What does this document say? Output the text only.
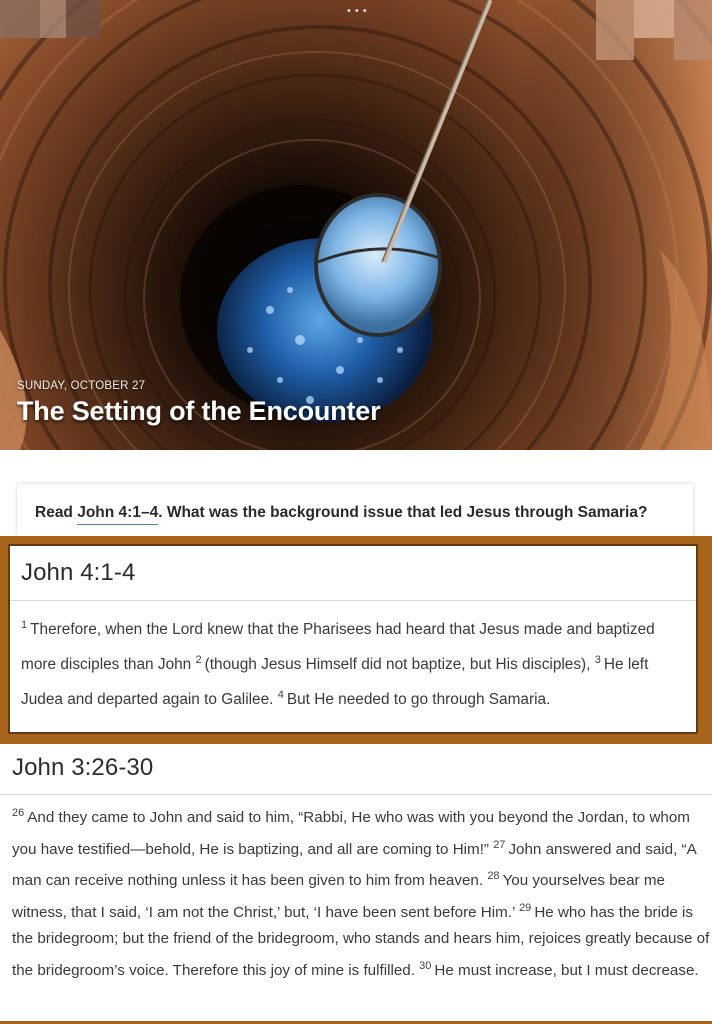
•••
SUNDAY, OCTOBER 27
The Setting of the Encounter
Read John 4:1–4. What was the background issue that led Jesus through Samaria?
John 4:1-4

$^1$ Therefore, when the Lord knew that the Pharisees had heard that Jesus made and baptized more disciples than John $^2$ (though Jesus Himself did not baptize, but His disciples), $^3$ He left Judea and departed again to Galilee. $^4$ But He needed to go through Samaria.

John 3:26-30

$^{26}$ And they came to John and said to him, “Rabbi, He who was with you beyond the Jordan, to whom you have testified—behold, He is baptizing, and all are coming to Him!” $^{27}$ John answered and said, “A man can receive nothing unless it has been given to him from heaven. $^{28}$ You yourselves bear me witness, that I said, ‘I am not the Christ,’ but, ‘I have been sent before Him.’ $^{29}$ He who has the bride is the bridegroom; but the friend of the bridegroom, who stands and hears him, rejoices greatly because of the bridegroom’s voice. Therefore this joy of mine is fulfilled. $^{30}$ He must increase, but I must decrease.
